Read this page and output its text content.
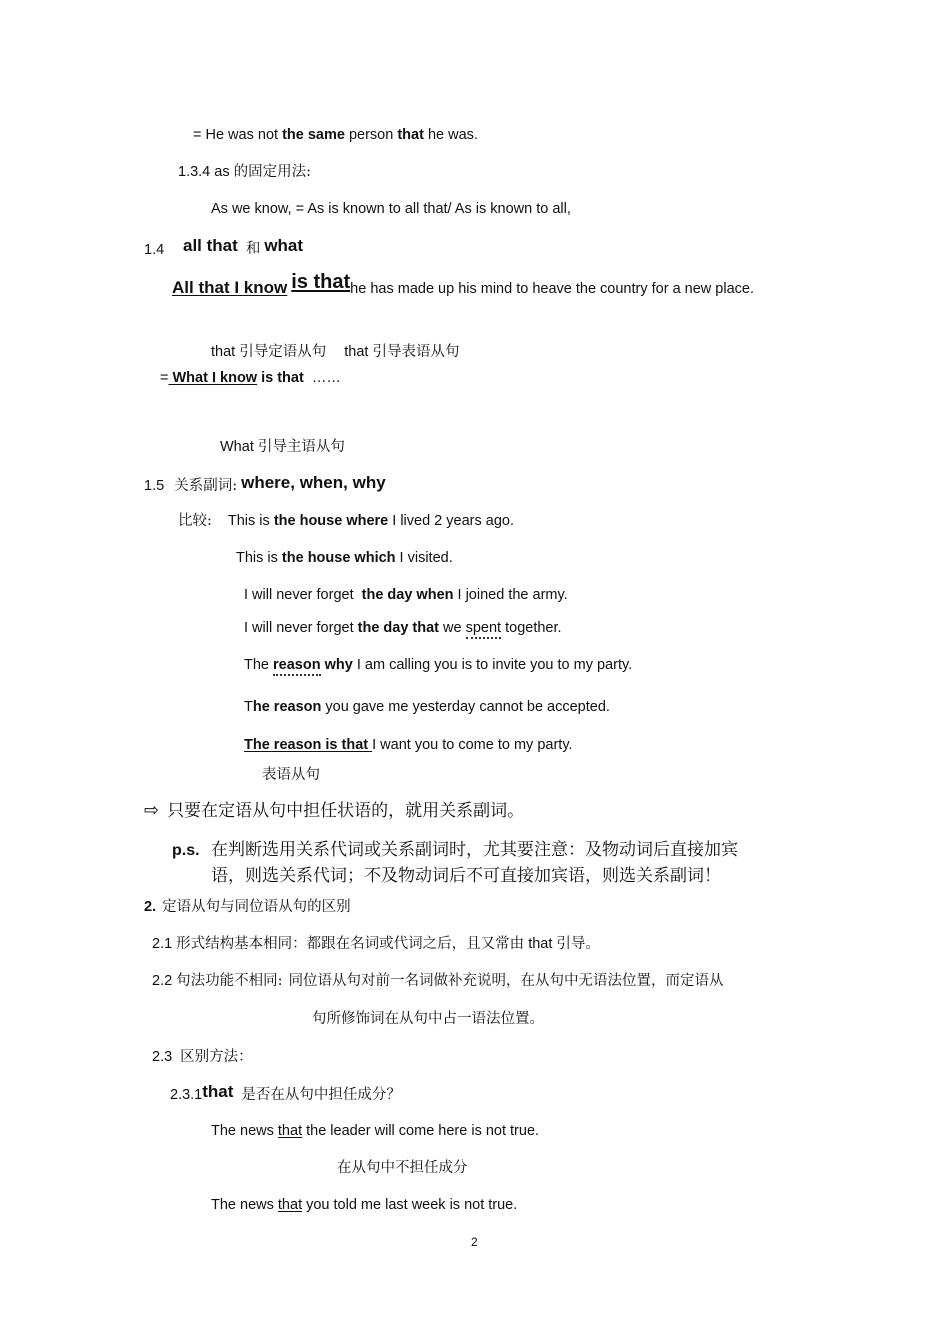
= He was not the same person that he was.
1.3.4 as 的固定用法:
As we know, = As is known to all that/ As is known to all,
1.4 all that 和 what
All that I know is thathe has made up his mind to heave the country for a new place.
that 引导定语从句 that 引导表语从句
= What I know is that ……
What 引导主语从句
1.5 关系副词: where, when, why
比较: This is the house where I lived 2 years ago.
This is the house which I visited.
I will never forget the day when I joined the army.
I will never forget the day that we spent together.
The reason why I am calling you is to invite you to my party.
The reason you gave me yesterday cannot be accepted.
The reason is that I want you to come to my party.
表语从句
⇨ 只要在定语从句中担任状语的，就用关系副词。
p.s. 在判断选用关系代词或关系副词时，尤其要注意：及物动词后直接加宾
语，则选关系代词；不及物动词后不可直接加宾语，则选关系副词！
2. 定语从句与同位语从句的区别
2.1 形式结构基本相同：都跟在名词或代词之后，且又常由 that 引导。
2.2 句法功能不相同: 同位语从句对前一名词做补充说明，在从句中无语法位置，而定语从
句所修饰词在从句中占一语法位置。
2.3 区别方法：
2.3.1that 是否在从句中担任成分？
The news that the leader will come here is not true.
在从句中不担任成分
The news that you told me last week is not true.
2
